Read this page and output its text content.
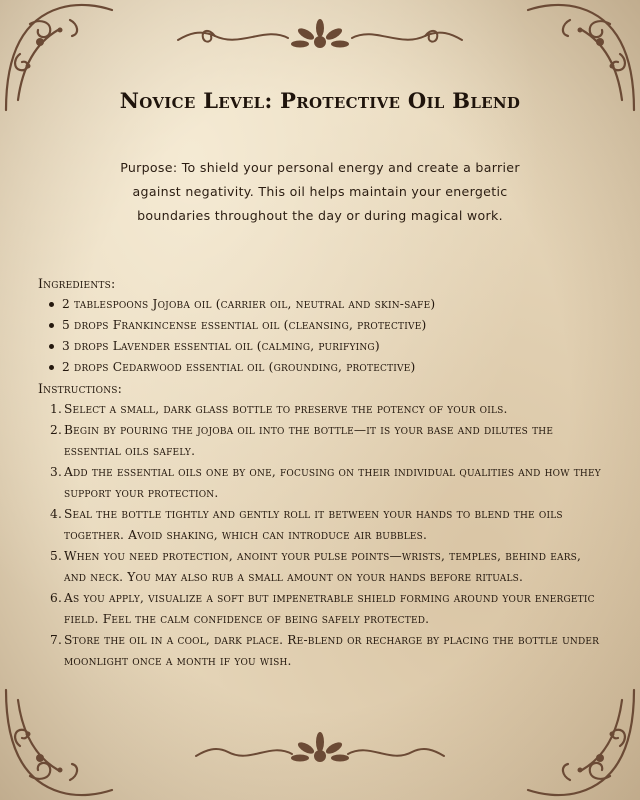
Novice Level: Protective Oil Blend

Purpose: To shield your personal energy and create a barrier against negativity. This oil helps maintain your energetic boundaries throughout the day or during magical work.

Ingredients:
2 tablespoons Jojoba oil (carrier oil, neutral and skin-safe)
5 drops Frankincense essential oil (cleansing, protective)
3 drops Lavender essential oil (calming, purifying)
2 drops Cedarwood essential oil (grounding, protective)
Instructions:
1. Select a small, dark glass bottle to preserve the potency of your oils.
2. Begin by pouring the jojoba oil into the bottle—it is your base and dilutes the essential oils safely.
3. Add the essential oils one by one, focusing on their individual qualities and how they support your protection.
4. Seal the bottle tightly and gently roll it between your hands to blend the oils together. Avoid shaking, which can introduce air bubbles.
5. When you need protection, anoint your pulse points—wrists, temples, behind ears, and neck. You may also rub a small amount on your hands before rituals.
6. As you apply, visualize a soft but impenetrable shield forming around your energetic field. Feel the calm confidence of being safely protected.
7. Store the oil in a cool, dark place. Re-blend or recharge by placing the bottle under moonlight once a month if you wish.
